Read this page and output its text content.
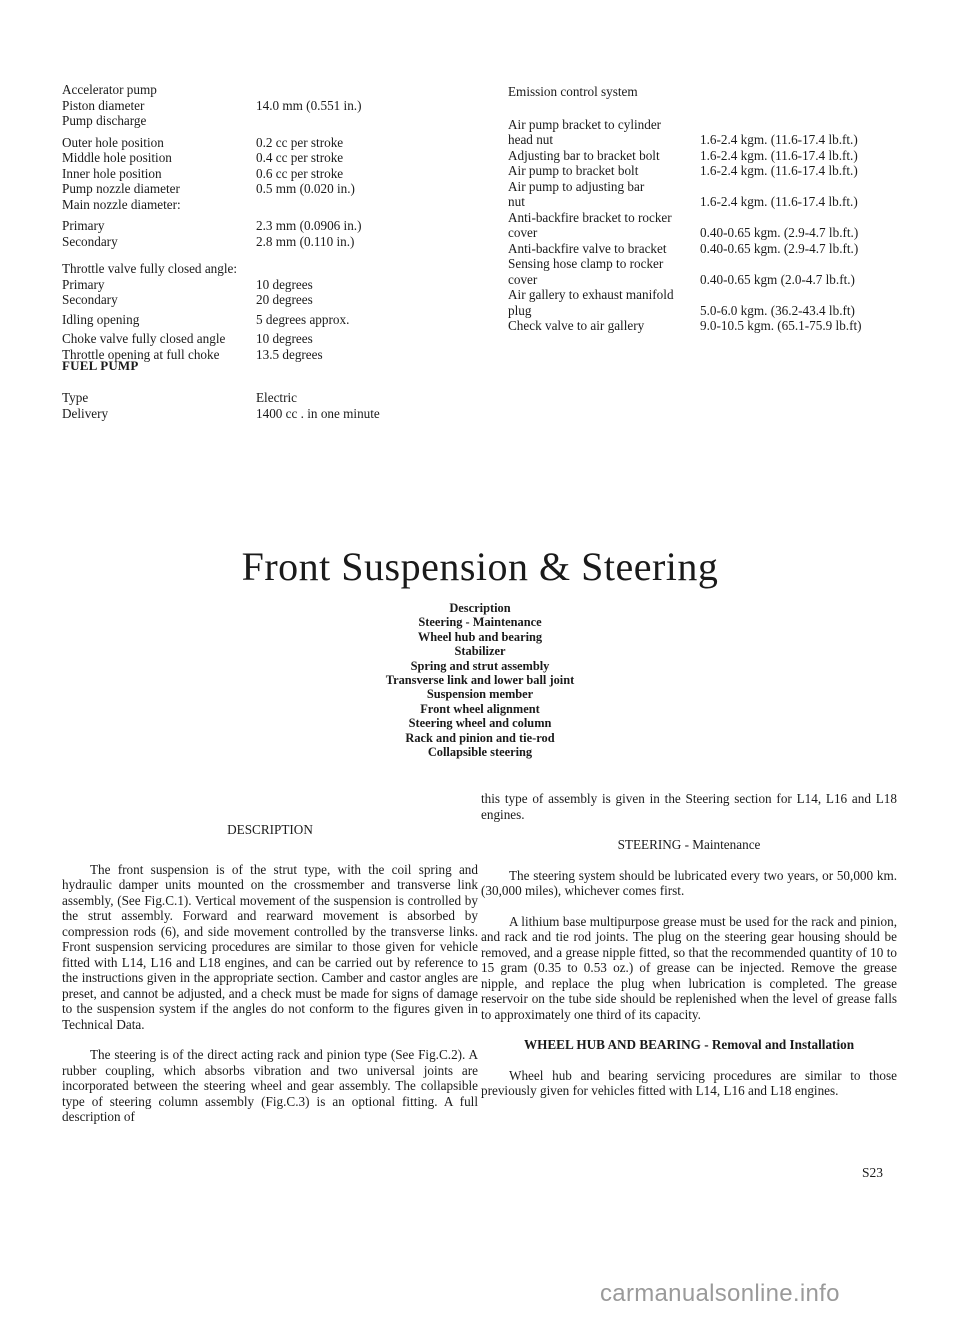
Accelerator pump
Piston diameter	14.0 mm (0.551 in.)
Pump discharge
Outer hole position	0.2 cc per stroke
Middle hole position	0.4 cc per stroke
Inner hole position	0.6 cc per stroke
Pump nozzle diameter	0.5 mm (0.020 in.)
Main nozzle diameter:
Primary	2.3 mm (0.0906 in.)
Secondary	2.8 mm (0.110 in.)
Throttle valve fully closed angle:
Primary	10 degrees
Secondary	20 degrees
Idling opening	5 degrees approx.
Choke valve fully closed angle	10 degrees
Throttle opening at full choke	13.5 degrees
FUEL PUMP
Type	Electric
Delivery	1400 cc . in one minute
Emission control system
Air pump bracket to cylinder
head nut	1.6-2.4 kgm. (11.6-17.4 lb.ft.)
Adjusting bar to bracket bolt	1.6-2.4 kgm. (11.6-17.4 lb.ft.)
Air pump to bracket bolt	1.6-2.4 kgm. (11.6-17.4 lb.ft.)
Air pump to adjusting bar
nut	1.6-2.4 kgm. (11.6-17.4 lb.ft.)
Anti-backfire bracket to rocker
cover	0.40-0.65 kgm. (2.9-4.7 lb.ft.)
Anti-backfire valve to bracket	0.40-0.65 kgm. (2.9-4.7 lb.ft.)
Sensing hose clamp to rocker
cover	0.40-0.65 kgm (2.0-4.7 lb.ft.)
Air gallery to exhaust manifold
plug	5.0-6.0 kgm. (36.2-43.4 lb.ft)
Check valve to air gallery	9.0-10.5 kgm. (65.1-75.9 lb.ft)
Front Suspension & Steering
Description
Steering - Maintenance
Wheel hub and bearing
Stabilizer
Spring and strut assembly
Transverse link and lower ball joint
Suspension member
Front wheel alignment
Steering wheel and column
Rack and pinion and tie-rod
Collapsible steering

DESCRIPTION

The front suspension is of the strut type, with the coil spring and hydraulic damper units mounted on the crossmember and transverse link assembly, (See Fig.C.1). Vertical movement of the suspension is controlled by the strut assembly. Forward and rearward movement is absorbed by compression rods (6), and side movement controlled by the transverse links. Front suspension servicing procedures are similar to those given for vehicle fitted with L14, L16 and L18 engines, and can be carried out by reference to the instructions given in the appropriate section. Camber and castor angles are preset, and cannot be adjusted, and a check must be made for signs of damage to the suspension system if the angles do not conform to the figures given in Technical Data.

The steering is of the direct acting rack and pinion type (See Fig.C.2). A rubber coupling, which absorbs vibration and two universal joints are incorporated between the steering wheel and gear assembly. The collapsible type of steering column assembly (Fig.C.3) is an optional fitting. A full description of

this type of assembly is given in the Steering section for L14, L16 and L18 engines.

STEERING - Maintenance

The steering system should be lubricated every two years, or 50,000 km. (30,000 miles), whichever comes first.

A lithium base multipurpose grease must be used for the rack and pinion, and rack and tie rod joints. The plug on the steering gear housing should be removed, and a grease nipple fitted, so that the recommended quantity of 10 to 15 gram (0.35 to 0.53 oz.) of grease can be injected. Remove the grease nipple, and replace the plug when lubrication is completed. The grease reservoir on the tube side should be replenished when the level of grease falls to approximately one third of its capacity.

WHEEL HUB AND BEARING - Removal and Installation

Wheel hub and bearing servicing procedures are similar to those previously given for vehicles fitted with L14, L16 and L18 engines.

S23
carmanualsonline.info
